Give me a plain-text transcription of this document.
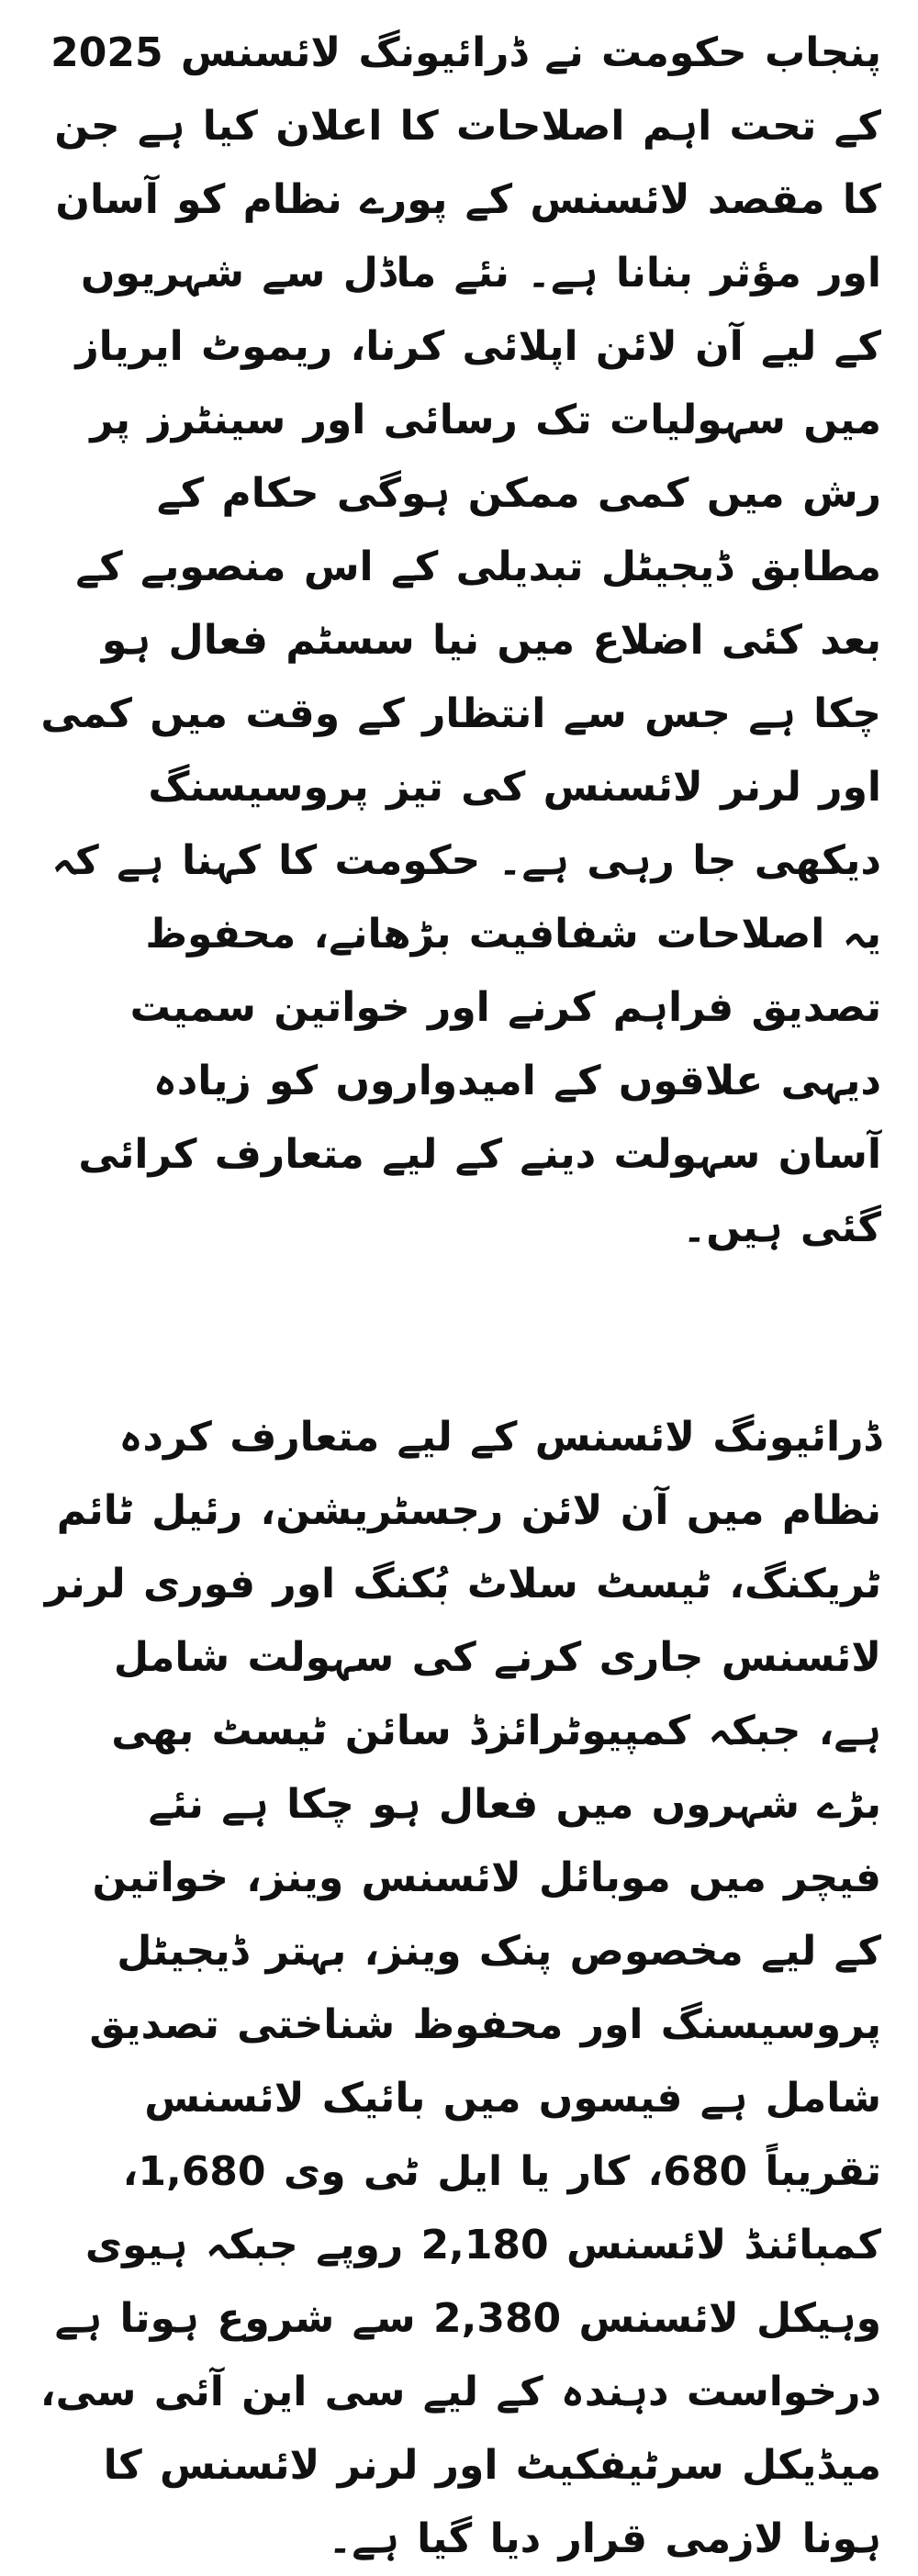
پنجاب حکومت نے ڈرائیونگ لائسنس 2025 کے تحت اہم اصلاحات کا اعلان کیا ہے جن کا مقصد لائسنس کے پورے نظام کو آسان اور مؤثر بنانا ہے۔ نئے ماڈل سے شہریوں کے لیے آن لائن اپلائی کرنا، ریموٹ ایریاز میں سہولیات تک رسائی اور سینٹرز پر رش میں کمی ممکن ہوگی حکام کے مطابق ڈیجیٹل تبدیلی کے اس منصوبے کے بعد کئی اضلاع میں نیا سسٹم فعال ہو چکا ہے جس سے انتظار کے وقت میں کمی اور لرنر لائسنس کی تیز پروسیسنگ دیکھی جا رہی ہے۔ حکومت کا کہنا ہے کہ یہ اصلاحات شفافیت بڑھانے، محفوظ تصدیق فراہم کرنے اور خواتین سمیت دیہی علاقوں کے امیدواروں کو زیادہ آسان سہولت دینے کے لیے متعارف کرائی گئی ہیں۔

ڈرائیونگ لائسنس کے لیے متعارف کردہ نظام میں آن لائن رجسٹریشن، رئیل ٹائم ٹریکنگ، ٹیسٹ سلاٹ بُکنگ اور فوری لرنر لائسنس جاری کرنے کی سہولت شامل ہے، جبکہ کمپیوٹرائزڈ سائن ٹیسٹ بھی بڑے شہروں میں فعال ہو چکا ہے نئے فیچر میں موبائل لائسنس وینز، خواتین کے لیے مخصوص پنک وینز، بہتر ڈیجیٹل پروسیسنگ اور محفوظ شناختی تصدیق شامل ہے فیسوں میں بائیک لائسنس تقریباً 680، کار یا ایل ٹی وی 1,680، کمبائنڈ لائسنس 2,180 روپے جبکہ ہیوی وہیکل لائسنس 2,380 سے شروع ہوتا ہے درخواست دہندہ کے لیے سی این آئی سی، میڈیکل سرٹیفکیٹ اور لرنر لائسنس کا ہونا لازمی قرار دیا گیا ہے۔
